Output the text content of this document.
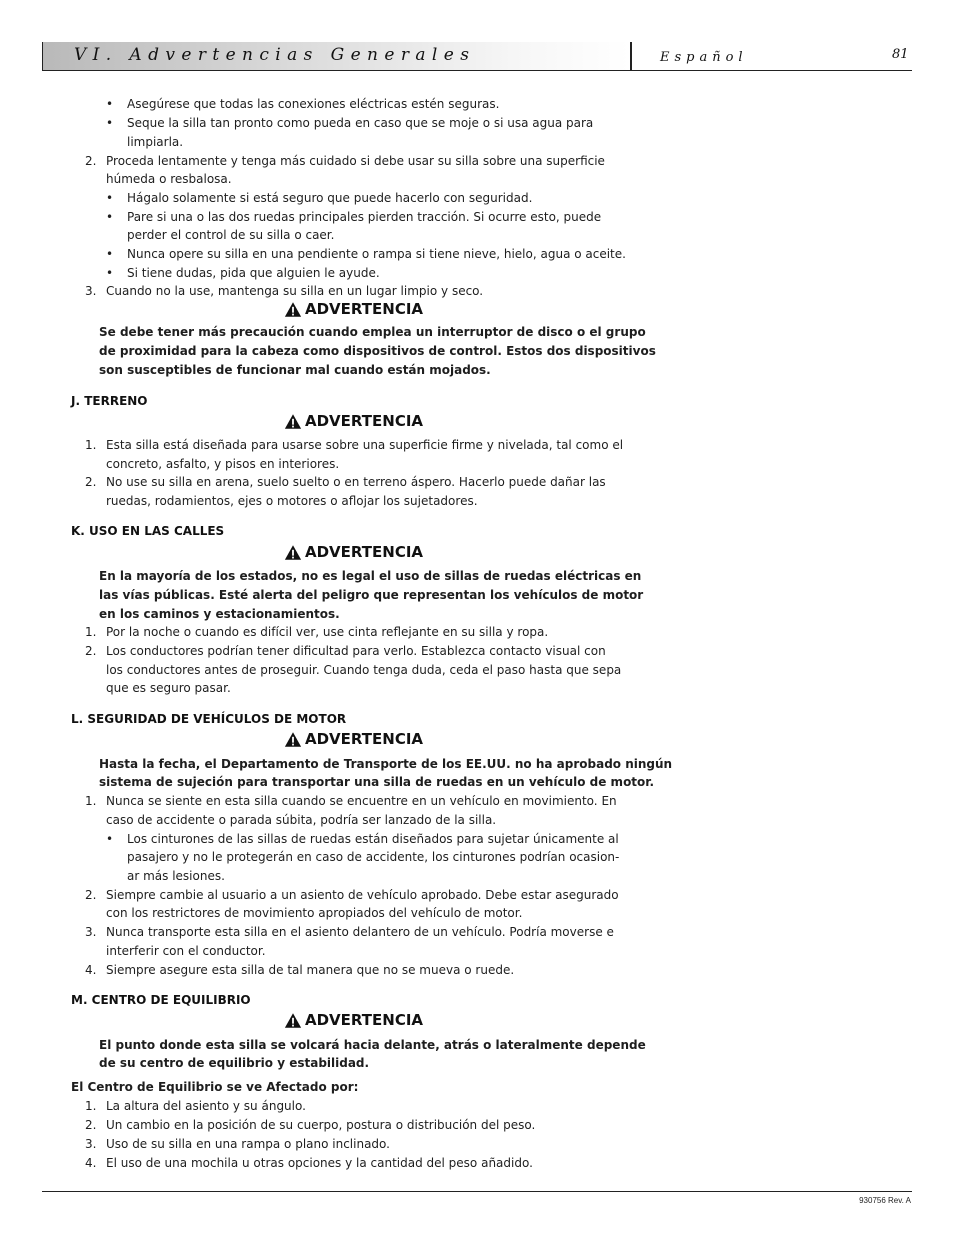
VI. Advertencias Generales	Español	81
• Asegúrese que todas las conexiones eléctricas estén seguras.
• Seque la silla tan pronto como pueda en caso que se moje o si usa agua para
limpiarla.
2. Proceda lentamente y tenga más cuidado si debe usar su silla sobre una superficie
húmeda o resbalosa.
• Hágalo solamente si está seguro que puede hacerlo con seguridad.
• Pare si una o las dos ruedas principales pierden tracción. Si ocurre esto, puede
perder el control de su silla o caer.
• Nunca opere su silla en una pendiente o rampa si tiene nieve, hielo, agua o aceite.
• Si tiene dudas, pida que alguien le ayude.
3. Cuando no la use, mantenga su silla en un lugar limpio y seco.
ADVERTENCIA
Se debe tener más precaución cuando emplea un interruptor de disco o el grupo
de proximidad para la cabeza como dispositivos de control. Estos dos dispositivos
son susceptibles de funcionar mal cuando están mojados.
J. TERRENO
ADVERTENCIA
1. Esta silla está diseñada para usarse sobre una superficie firme y nivelada, tal como el
concreto, asfalto, y pisos en interiores.
2. No use su silla en arena, suelo suelto o en terreno áspero. Hacerlo puede dañar las
ruedas, rodamientos, ejes o motores o aflojar los sujetadores.
K. USO EN LAS CALLES
ADVERTENCIA
En la mayoría de los estados, no es legal el uso de sillas de ruedas eléctricas en
las vías públicas. Esté alerta del peligro que representan los vehículos de motor
en los caminos y estacionamientos.
1. Por la noche o cuando es difícil ver, use cinta reflejante en su silla y ropa.
2. Los conductores podrían tener dificultad para verlo. Establezca contacto visual con
los conductores antes de proseguir. Cuando tenga duda, ceda el paso hasta que sepa
que es seguro pasar.
L. SEGURIDAD DE VEHÍCULOS DE MOTOR
ADVERTENCIA
Hasta la fecha, el Departamento de Transporte de los EE.UU. no ha aprobado ningún
sistema de sujeción para transportar una silla de ruedas en un vehículo de motor.
1. Nunca se siente en esta silla cuando se encuentre en un vehículo en movimiento. En
caso de accidente o parada súbita, podría ser lanzado de la silla.
• Los cinturones de las sillas de ruedas están diseñados para sujetar únicamente al
pasajero y no le protegerán en caso de accidente, los cinturones podrían ocasion-
ar más lesiones.
2. Siempre cambie al usuario a un asiento de vehículo aprobado. Debe estar asegurado
con los restrictores de movimiento apropiados del vehículo de motor.
3. Nunca transporte esta silla en el asiento delantero de un vehículo. Podría moverse e
interferir con el conductor.
4. Siempre asegure esta silla de tal manera que no se mueva o ruede.
M. CENTRO DE EQUILIBRIO
ADVERTENCIA
El punto donde esta silla se volcará hacia delante, atrás o lateralmente depende
de su centro de equilibrio y estabilidad.
El Centro de Equilibrio se ve Afectado por:
1. La altura del asiento y su ángulo.
2. Un cambio en la posición de su cuerpo, postura o distribución del peso.
3. Uso de su silla en una rampa o plano inclinado.
4. El uso de una mochila u otras opciones y la cantidad del peso añadido.
930756 Rev. A
